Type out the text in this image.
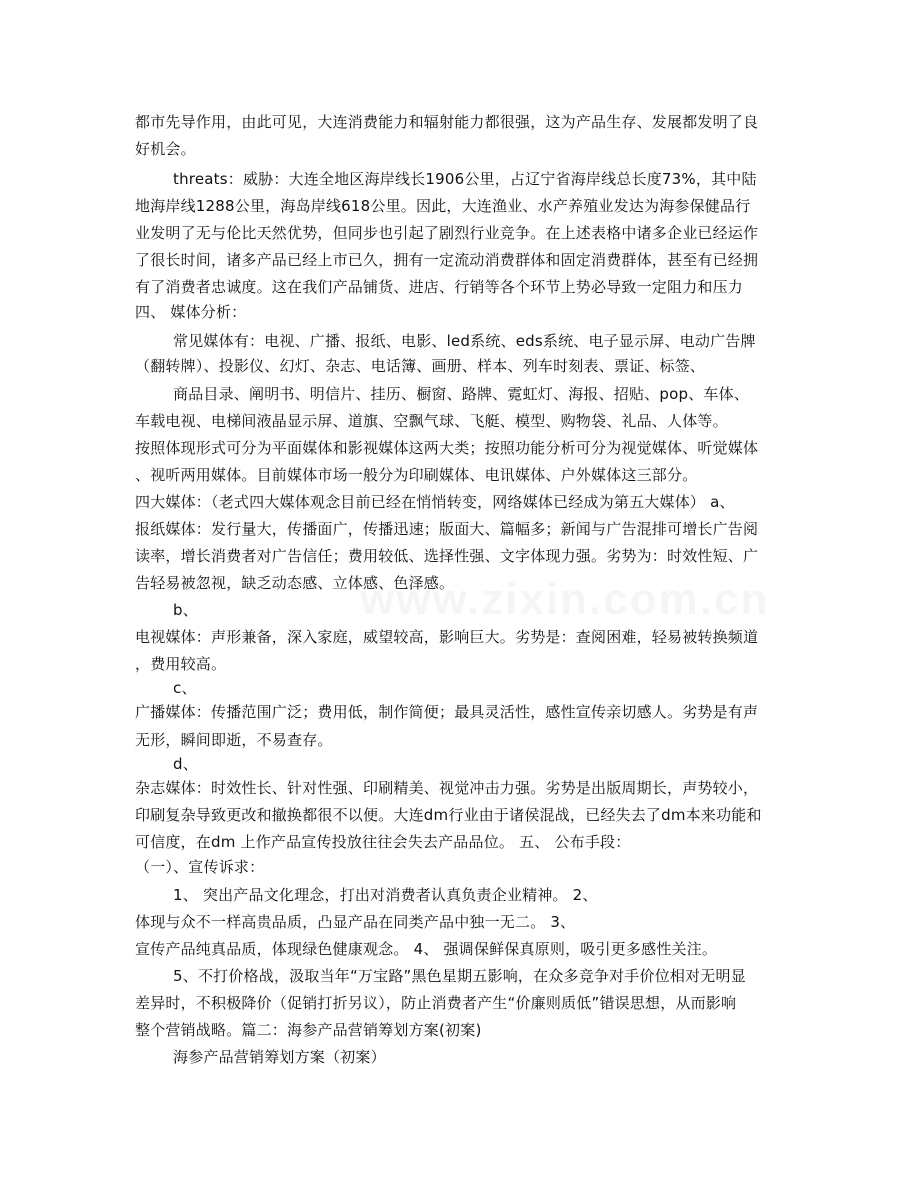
都市先导作用，由此可见，大连消费能力和辐射能力都很强，这为产品生存、发展都发明了良
好机会。
threats：威胁：大连全地区海岸线长1906公里，占辽宁省海岸线总长度73%，其中陆
地海岸线1288公里，海岛岸线618公里。因此，大连渔业、水产养殖业发达为海参保健品行
业发明了无与伦比天然优势，但同步也引起了剧烈行业竞争。在上述表格中诸多企业已经运作
了很长时间，诸多产品已经上市已久，拥有一定流动消费群体和固定消费群体，甚至有已经拥
有了消费者忠诚度。这在我们产品铺货、进店、行销等各个环节上势必导致一定阻力和压力
四、 媒体分析：
常见媒体有：电视、广播、报纸、电影、led系统、eds系统、电子显示屏、电动广告牌
（翻转牌）、投影仪、幻灯、杂志、电话簿、画册、样本、列车时刻表、票证、标签、
商品目录、阐明书、明信片、挂历、橱窗、路牌、霓虹灯、海报、招贴、pop、车体、
车载电视、电梯间液晶显示屏、道旗、空飘气球、飞艇、模型、购物袋、礼品、人体等。
按照体现形式可分为平面媒体和影视媒体这两大类；按照功能分析可分为视觉媒体、听觉媒体
、视听两用媒体。目前媒体市场一般分为印刷媒体、电讯媒体、户外媒体这三部分。
四大媒体：（老式四大媒体观念目前已经在悄悄转变，网络媒体已经成为第五大媒体） a、
报纸媒体：发行量大，传播面广，传播迅速；版面大、篇幅多；新闻与广告混排可增长广告阅
读率，增长消费者对广告信任；费用较低、选择性强、文字体现力强。劣势为：时效性短、广
告轻易被忽视，缺乏动态感、立体感、色泽感。
b、
电视媒体：声形兼备，深入家庭，威望较高，影响巨大。劣势是：查阅困难，轻易被转换频道
，费用较高。
c、
广播媒体：传播范围广泛；费用低，制作简便；最具灵活性，感性宣传亲切感人。劣势是有声
无形，瞬间即逝，不易查存。
d、
杂志媒体：时效性长、针对性强、印刷精美、视觉冲击力强。劣势是出版周期长，声势较小，
印刷复杂导致更改和撤换都很不以便。大连dm行业由于诸侯混战，已经失去了dm本来功能和
可信度，在dm 上作产品宣传投放往往会失去产品品位。 五、 公布手段：
（一）、宣传诉求：
1、 突出产品文化理念，打出对消费者认真负责企业精神。 2、
体现与众不一样高贵品质，凸显产品在同类产品中独一无二。 3、
宣传产品纯真品质，体现绿色健康观念。 4、 强调保鲜保真原则，吸引更多感性关注。
5、不打价格战，汲取当年“万宝路”黑色星期五影响，在众多竞争对手价位相对无明显
差异时，不积极降价（促销打折另议），防止消费者产生“价廉则质低”错误思想，从而影响
整个营销战略。篇二：海参产品营销筹划方案(初案)
海参产品营销筹划方案（初案）
www.zixin.com.cn
